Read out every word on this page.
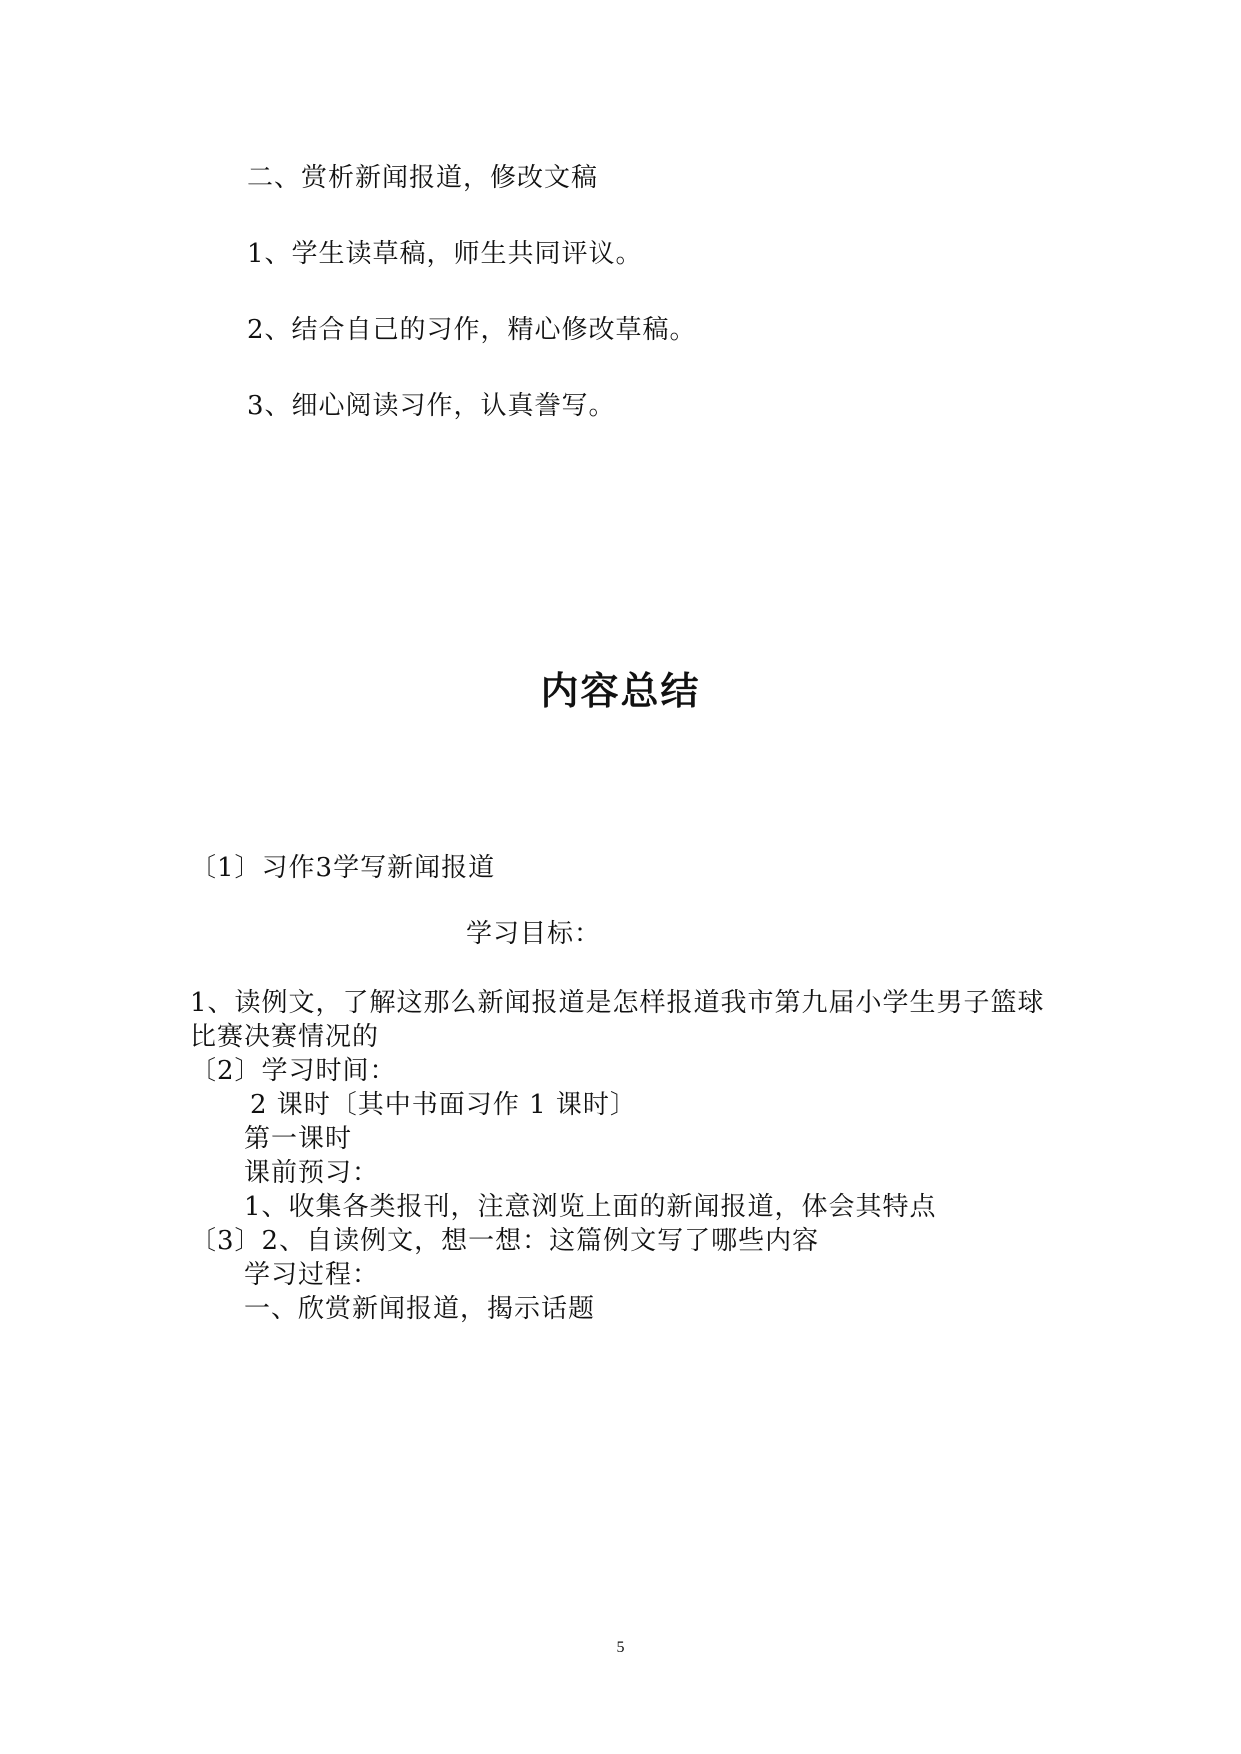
二、赏析新闻报道，修改文稿
1、学生读草稿，师生共同评议。
2、结合自己的习作，精心修改草稿。
3、细心阅读习作，认真誊写。
内容总结
〔1〕习作3学写新闻报道
学习目标：
1、读例文，了解这那么新闻报道是怎样报道我市第九届小学生男子篮球
比赛决赛情况的
〔2〕学习时间：
2 课时〔其中书面习作 1 课时〕
第一课时
课前预习：
1、收集各类报刊，注意浏览上面的新闻报道，体会其特点
〔3〕2、自读例文，想一想：这篇例文写了哪些内容
学习过程：
一、欣赏新闻报道，揭示话题
5
